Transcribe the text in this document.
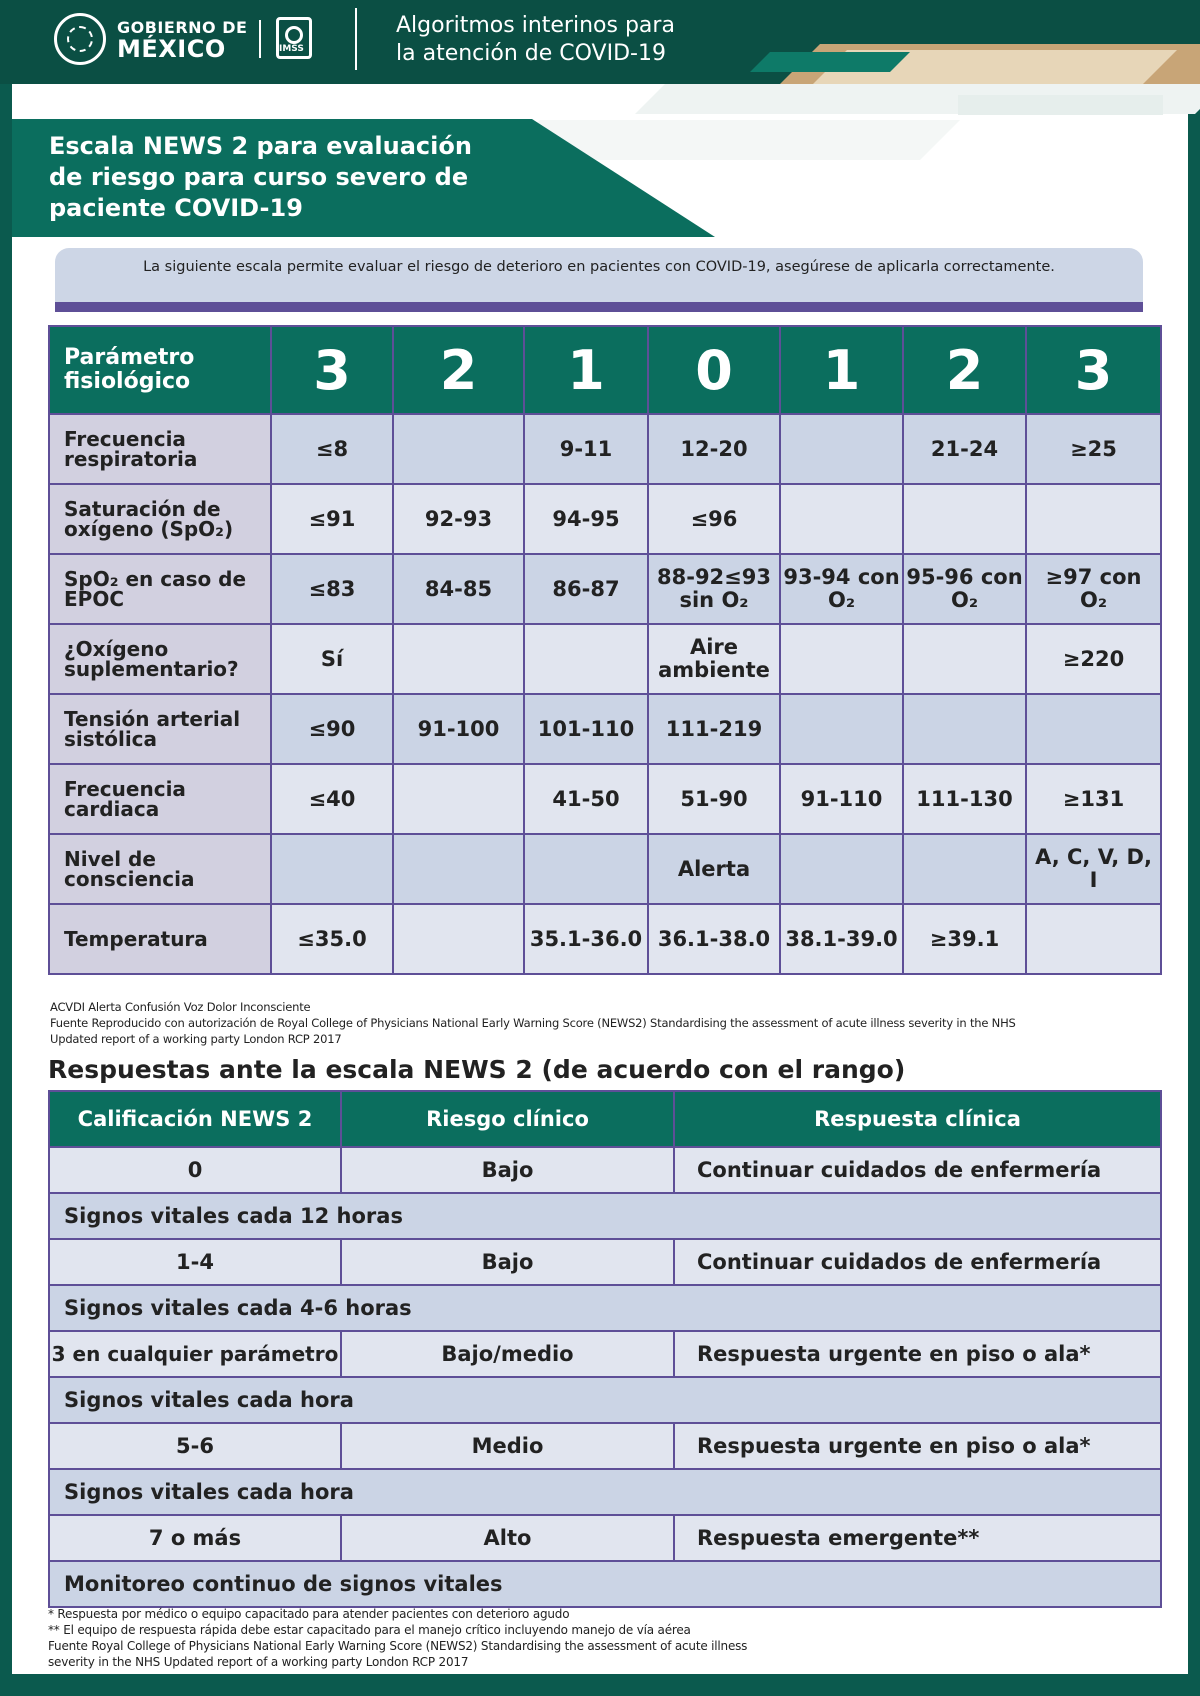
GOBIERNO DE
MÉXICO	IMSS
Algoritmos interinos para
la atención de COVID-19
Escala NEWS 2 para evaluación
de riesgo para curso severo de
paciente COVID-19
La siguiente escala permite evaluar el riesgo de deterioro en pacientes con COVID-19, asegúrese de aplicarla correctamente.
Parámetro
fisiológico	3	2	1	0	1	2	3

Frecuencia
respiratoria	≤8		9-11	12-20		21-24	≥25

Saturación de
oxígeno (SpO₂)	≤91	92-93	94-95	≤96			

SpO₂ en caso de
EPOC	≤83	84-85	86-87	88-92≤93 sin O₂	93-94 con O₂	95-96 con O₂	≥97 con O₂

¿Oxígeno
suplementario?	Sí			Aire ambiente			≥220

Tensión arterial
sistólica	≤90	91-100	101-110	111-219			

Frecuencia
cardiaca	≤40		41-50	51-90	91-110	111-130	≥131

Nivel de
consciencia				Alerta			A, C, V, D, I

Temperatura	≤35.0		35.1-36.0	36.1-38.0	38.1-39.0	≥39.1	
ACVDI Alerta Confusión Voz Dolor Inconsciente
Fuente Reproducido con autorización de Royal College of Physicians National Early Warning Score (NEWS2) Standardising the assessment of acute illness severity in the NHS
Updated report of a working party London RCP 2017
Respuestas ante la escala NEWS 2 (de acuerdo con el rango)
Calificación NEWS 2	Riesgo clínico	Respuesta clínica
0	Bajo	Continuar cuidados de enfermería
Signos vitales cada 12 horas		
1-4	Bajo	Continuar cuidados de enfermería
Signos vitales cada 4-6 horas		
3 en cualquier parámetro	Bajo/medio	Respuesta urgente en piso o ala*
Signos vitales cada hora		
5-6	Medio	Respuesta urgente en piso o ala*
Signos vitales cada hora		
7 o más	Alto	Respuesta emergente**
Monitoreo continuo de signos vitales		
* Respuesta por médico o equipo capacitado para atender pacientes con deterioro agudo
** El equipo de respuesta rápida debe estar capacitado para el manejo crítico incluyendo manejo de vía aérea
Fuente Royal College of Physicians National Early Warning Score (NEWS2) Standardising the assessment of acute illness
severity in the NHS Updated report of a working party London RCP 2017
